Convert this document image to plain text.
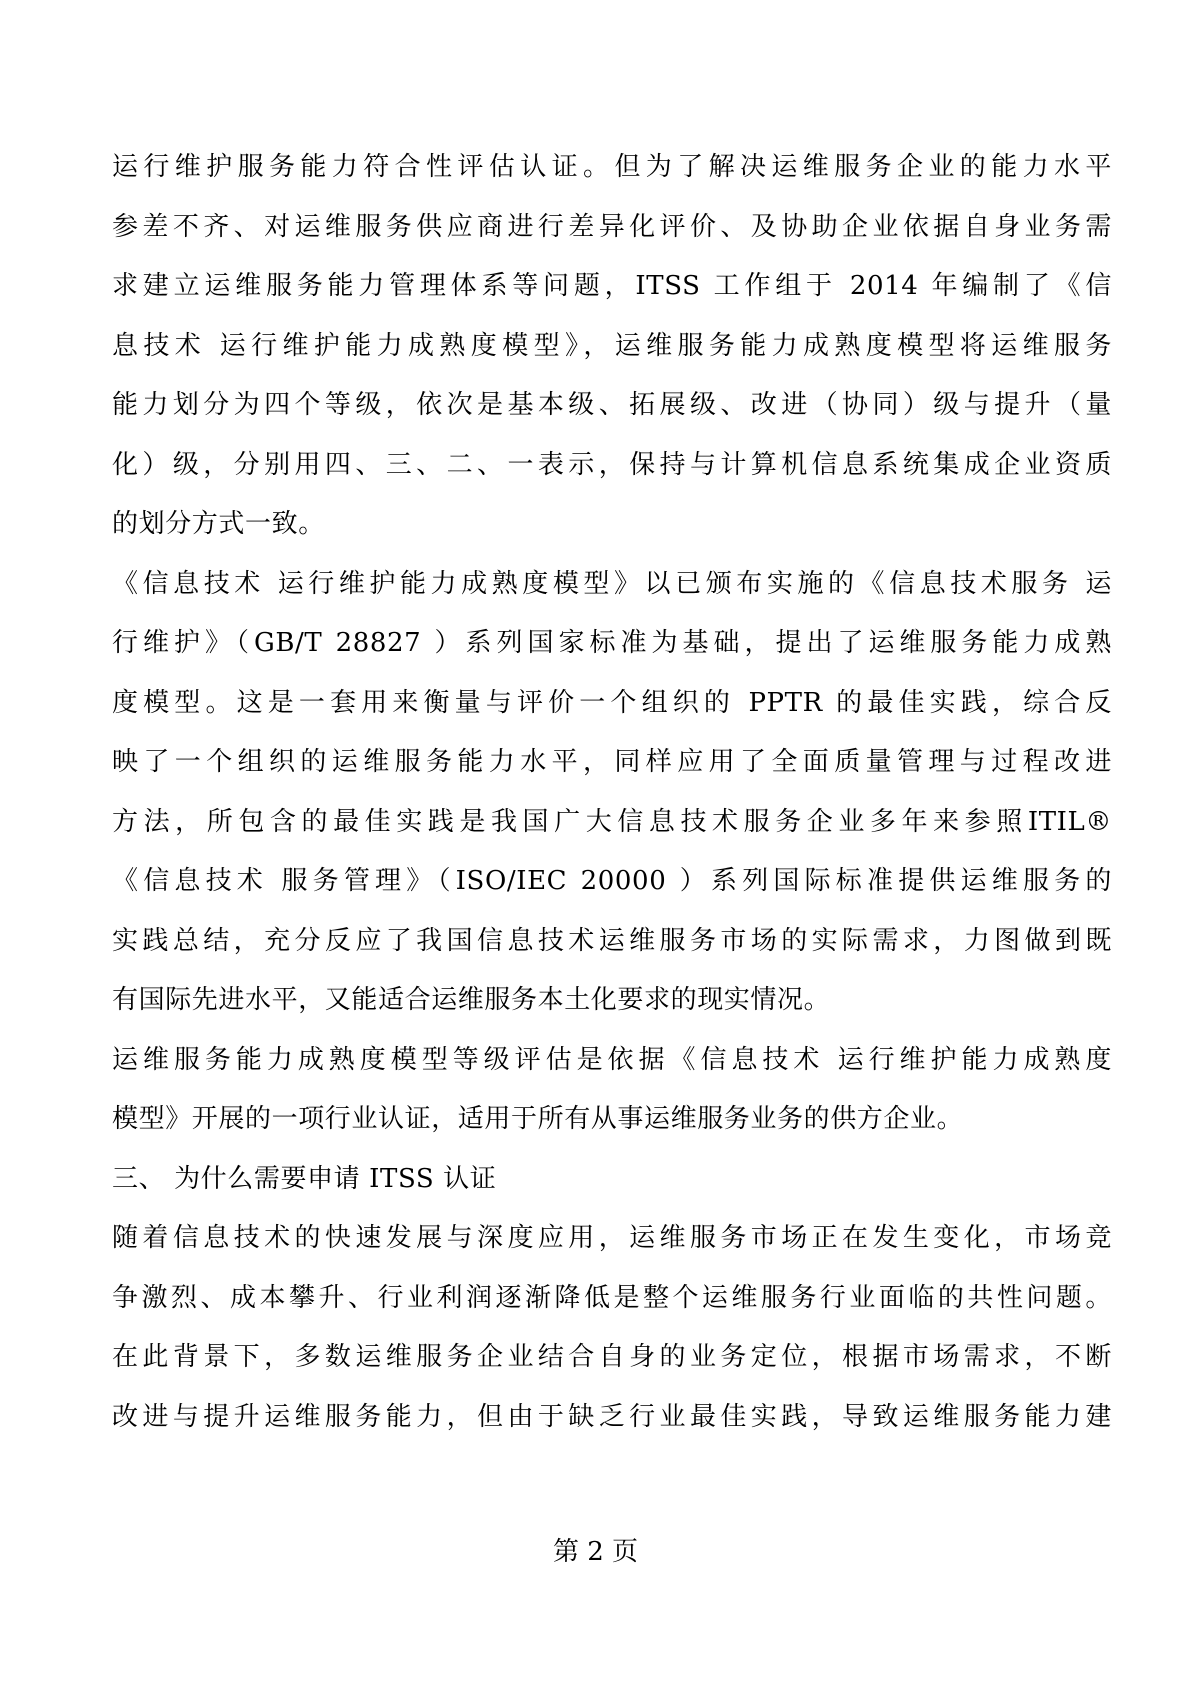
运行维护服务能力符合性评估认证。但为了解决运维服务企业的能力水平
参差不齐、对运维服务供应商进行差异化评价、及协助企业依据自身业务需
求建立运维服务能力管理体系等问题，ITSS 工作组于 2014 年编制了《信
息技术 运行维护能力成熟度模型》，运维服务能力成熟度模型将运维服务
能力划分为四个等级，依次是基本级、拓展级、改进（协同）级与提升（量
化）级，分别用四、三、二、一表示，保持与计算机信息系统集成企业资质
的划分方式一致。
《信息技术 运行维护能力成熟度模型》以已颁布实施的《信息技术服务 运
行维护》（GB/T 28827 ）系列国家标准为基础，提出了运维服务能力成熟
度模型。这是一套用来衡量与评价一个组织的 PPTR 的最佳实践，综合反
映了一个组织的运维服务能力水平，同样应用了全面质量管理与过程改进
方法，所包含的最佳实践是我国广大信息技术服务企业多年来参照ITIL®
《信息技术 服务管理》（ISO/IEC 20000 ）系列国际标准提供运维服务的
实践总结，充分反应了我国信息技术运维服务市场的实际需求，力图做到既
有国际先进水平，又能适合运维服务本土化要求的现实情况。
运维服务能力成熟度模型等级评估是依据《信息技术 运行维护能力成熟度
模型》开展的一项行业认证，适用于所有从事运维服务业务的供方企业。
三、 为什么需要申请 ITSS 认证
随着信息技术的快速发展与深度应用，运维服务市场正在发生变化，市场竞
争激烈、成本攀升、行业利润逐渐降低是整个运维服务行业面临的共性问题。
在此背景下，多数运维服务企业结合自身的业务定位，根据市场需求，不断
改进与提升运维服务能力，但由于缺乏行业最佳实践，导致运维服务能力建
第 2 页
